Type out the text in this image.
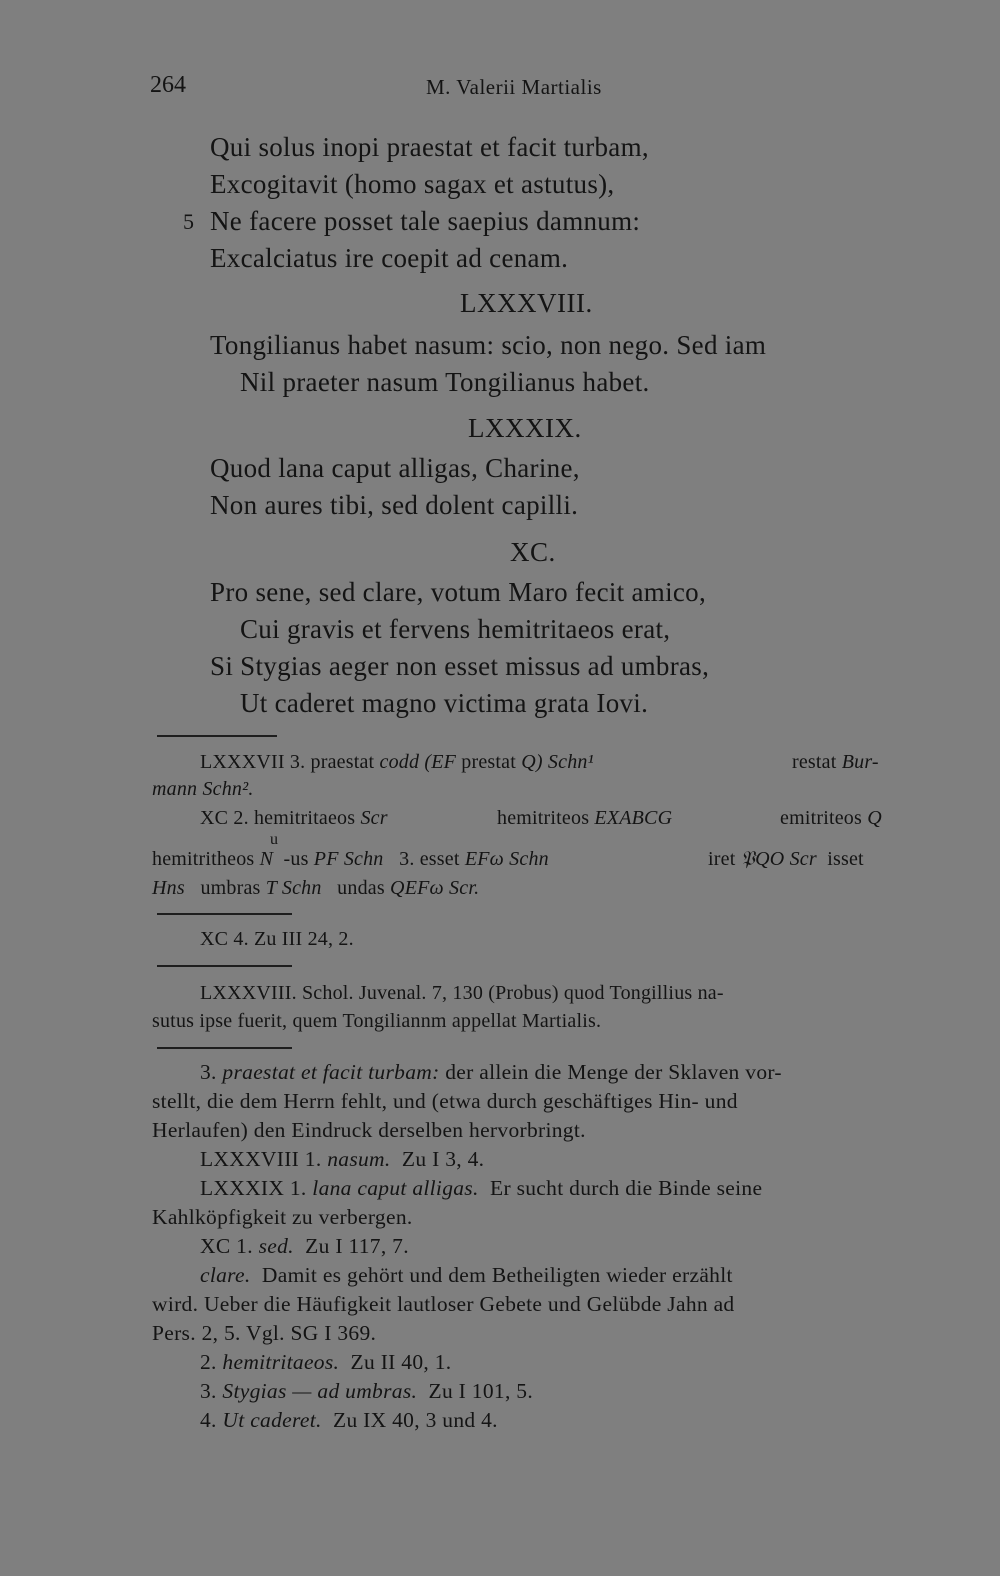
264	M. Valerii Martialis
Qui solus inopi praestat et facit turbam,
Excogitavit (homo sagax et astutus),
5 Ne facere posset tale saepius damnum:
Excalciatus ire coepit ad cenam.
LXXXVIII.
Tongilianus habet nasum: scio, non nego. Sed iam
Nil praeter nasum Tongilianus habet.
LXXXIX.
Quod lana caput alligas, Charine,
Non aures tibi, sed dolent capilli.
XC.
Pro sene, sed clare, votum Maro fecit amico,
Cui gravis et fervens hemitritaeos erat,
Si Stygias aeger non esset missus ad umbras,
Ut caderet magno victima grata Iovi.
LXXXVII 3. praestat codd (EF prestat Q) Schn¹	restat Bur-
mann Schn².
XC 2. hemitritaeos Scr	hemitriteos EXABCG	emitriteos Q
u
hemitritheos N -us PF Schn 3. esset EFω Schn	iret 𝔓QO Scr isset
Hns umbras T Schn undas QEFω Scr.
XC 4. Zu III 24, 2.
LXXXVIII. Schol. Juvenal. 7, 130 (Probus) quod Tongillius na-
sutus ipse fuerit, quem Tongiliannm appellat Martialis.
3. praestat et facit turbam: der allein die Menge der Sklaven vor-
stellt, die dem Herrn fehlt, und (etwa durch geschäftiges Hin- und
Herlaufen) den Eindruck derselben hervorbringt.
LXXXVIII 1. nasum. Zu I 3, 4.
LXXXIX 1. lana caput alligas. Er sucht durch die Binde seine
Kahlköpfigkeit zu verbergen.
XC 1. sed. Zu I 117, 7.
clare. Damit es gehört und dem Betheiligten wieder erzählt
wird. Ueber die Häufigkeit lautloser Gebete und Gelübde Jahn ad
Pers. 2, 5. Vgl. SG I 369.
2. hemitritaeos. Zu II 40, 1.
3. Stygias — ad umbras. Zu I 101, 5.
4. Ut caderet. Zu IX 40, 3 und 4.
